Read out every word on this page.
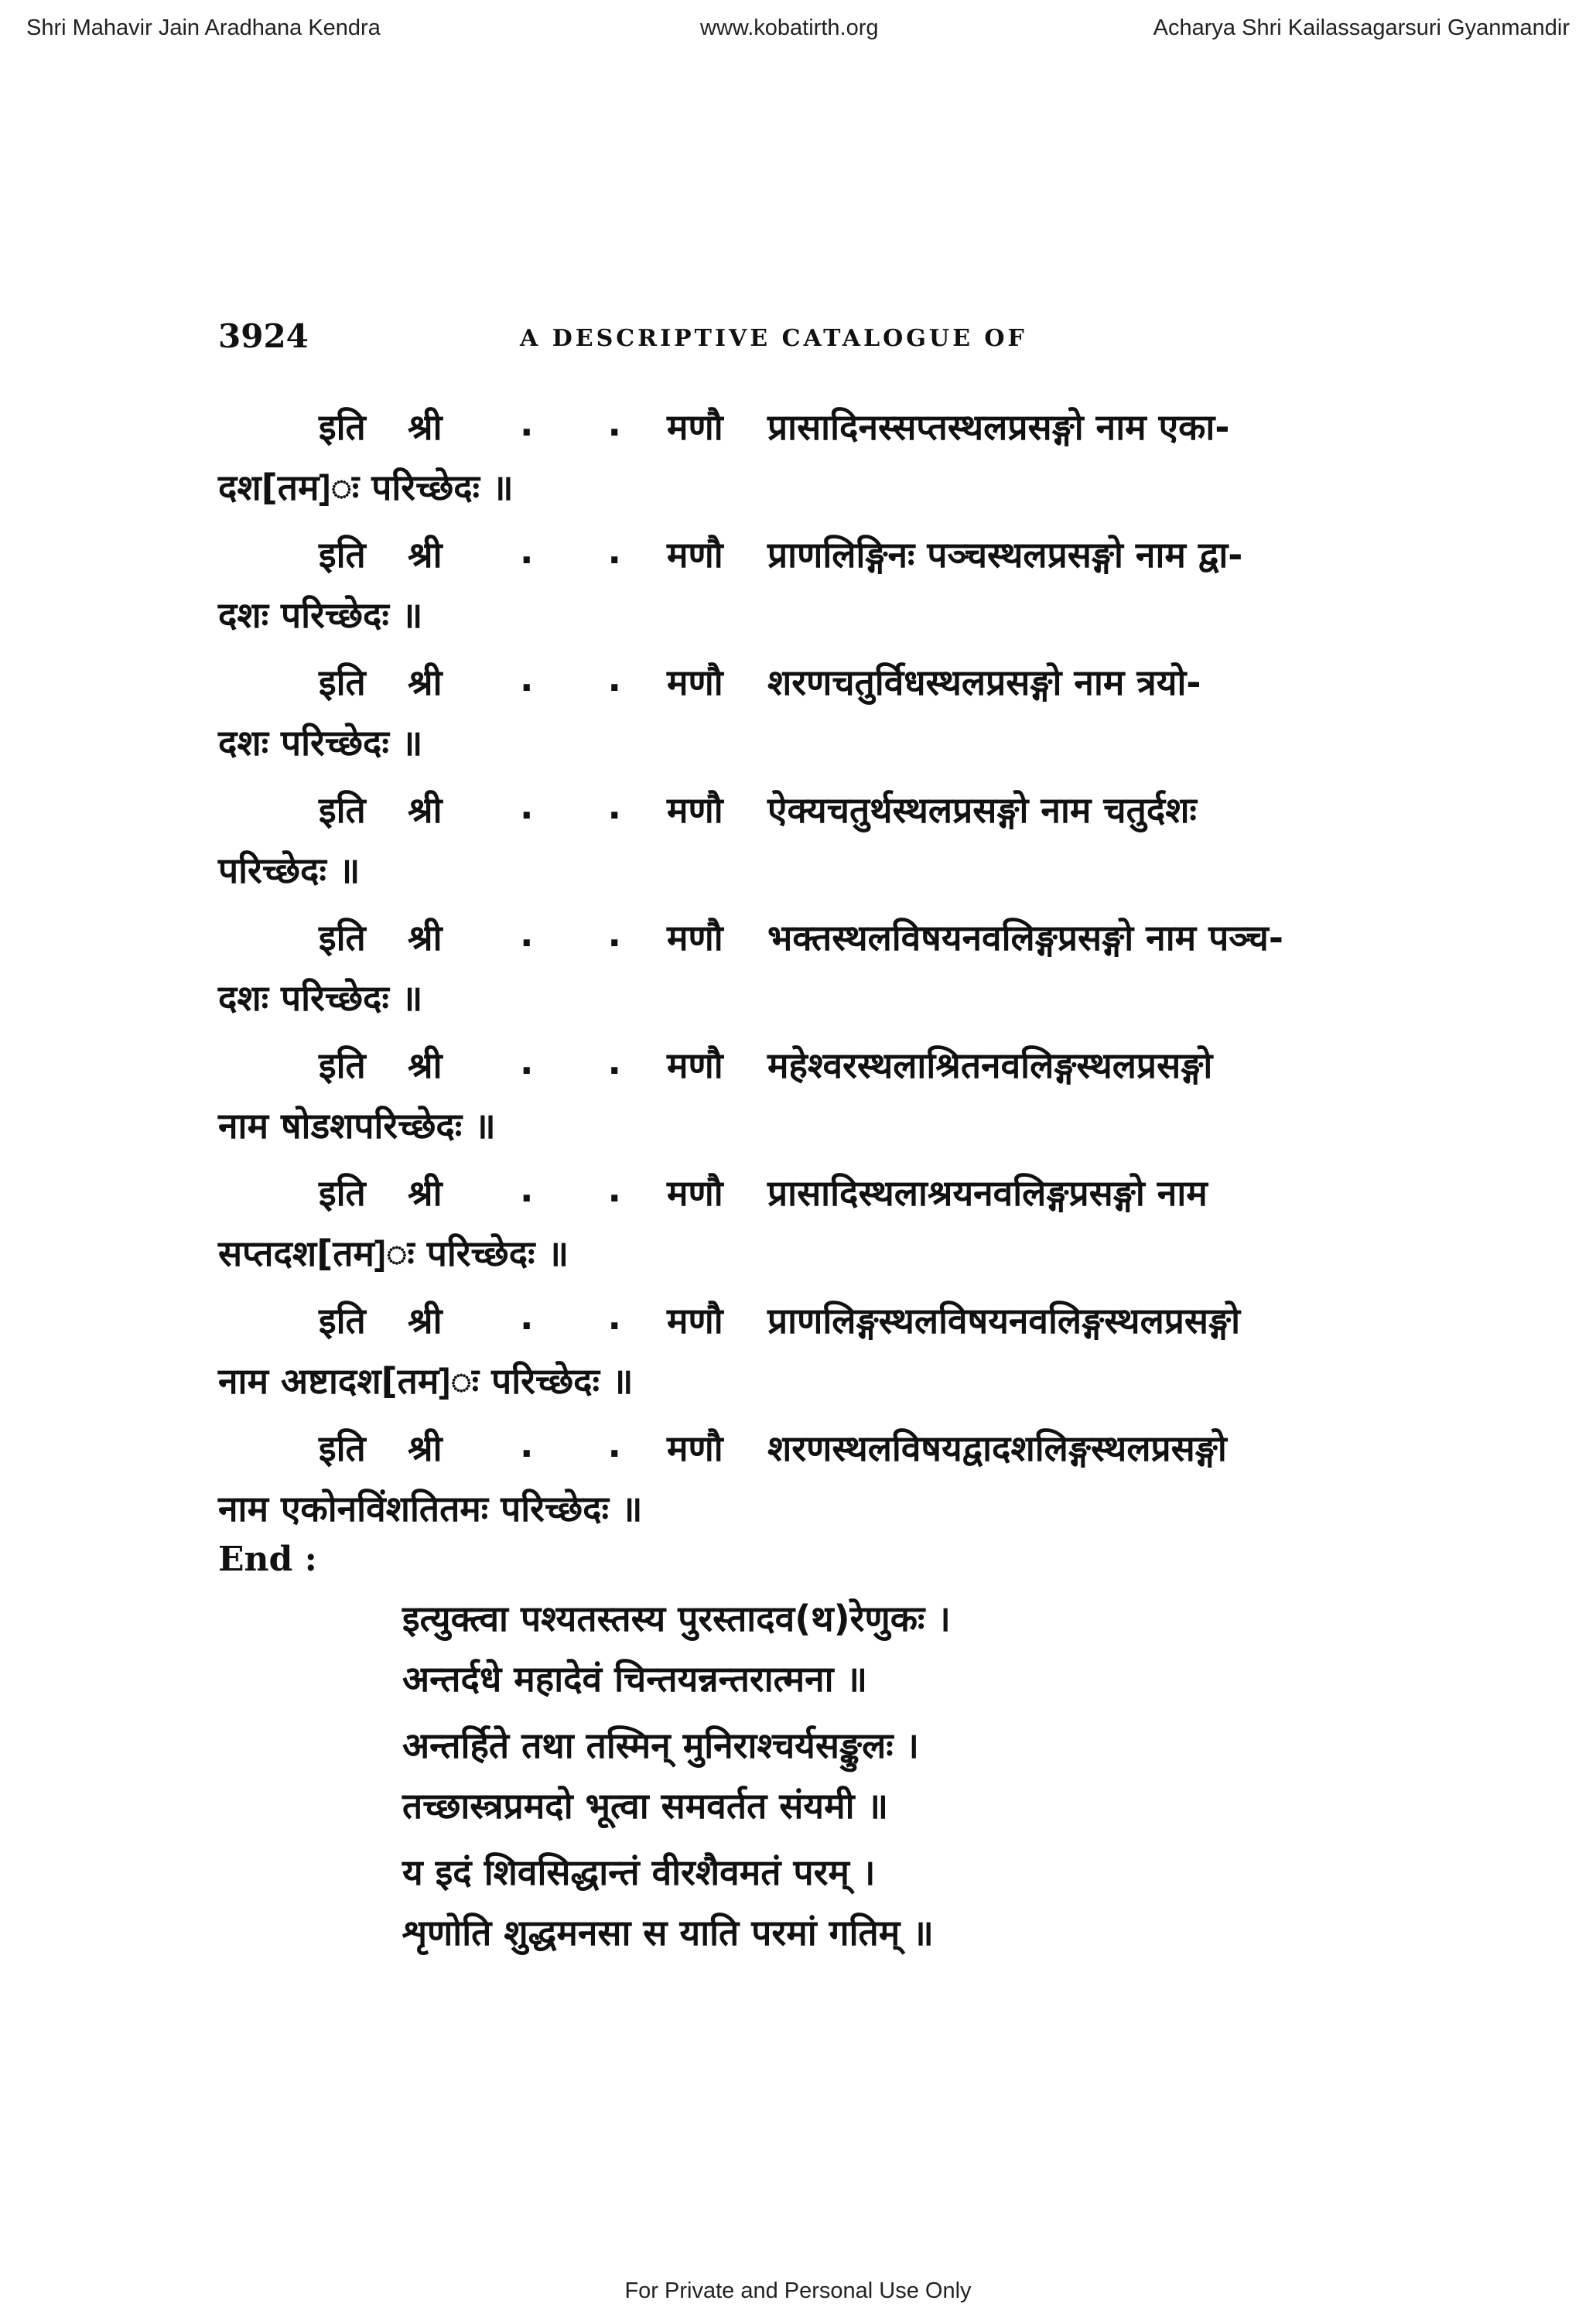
Shri Mahavir Jain Aradhana Kendra	www.kobatirth.org	Acharya Shri Kailassagarsuri Gyanmandir
3924	A DESCRIPTIVE CATALOGUE OF
इति श्री . . मणौ प्रासादिनस्सप्तस्थलप्रसङ्गो नाम एका-
दश[तम]ः परिच्छेदः ॥
इति श्री . . मणौ प्राणलिङ्गिनः पञ्चस्थलप्रसङ्गो नाम द्वा-
दशः परिच्छेदः ॥
इति श्री . . मणौ शरणचतुर्विधस्थलप्रसङ्गो नाम त्रयो-
दशः परिच्छेदः ॥
इति श्री . . मणौ ऐक्यचतुर्थस्थलप्रसङ्गो नाम चतुर्दशः
परिच्छेदः ॥
इति श्री . . मणौ भक्तस्थलविषयनवलिङ्गप्रसङ्गो नाम पञ्च-
दशः परिच्छेदः ॥
इति श्री . . मणौ महेश्वरस्थलाश्रितनवलिङ्गस्थलप्रसङ्गो
नाम षोडशपरिच्छेदः ॥
इति श्री . . मणौ प्रासादिस्थलाश्रयनवलिङ्गप्रसङ्गो नाम
सप्तदश[तम]ः परिच्छेदः ॥
इति श्री . . मणौ प्राणलिङ्गस्थलविषयनवलिङ्गस्थलप्रसङ्गो
नाम अष्टादश[तम]ः परिच्छेदः ॥
इति श्री . . मणौ शरणस्थलविषयद्वादशलिङ्गस्थलप्रसङ्गो
नाम एकोनविंशतितमः परिच्छेदः ॥
End :
इत्युक्त्वा पश्यतस्तस्य पुरस्तादव(थ)रेणुकः ।
अन्तर्दधे महादेवं चिन्तयन्नन्तरात्मना ॥
अन्तर्हिते तथा तस्मिन् मुनिराश्चर्यसङ्कुलः ।
तच्छास्त्रप्रमदो भूत्वा समवर्तत संयमी ॥
य इदं शिवसिद्धान्तं वीरशैवमतं परम् ।
शृणोति शुद्धमनसा स याति परमां गतिम् ॥
For Private and Personal Use Only
